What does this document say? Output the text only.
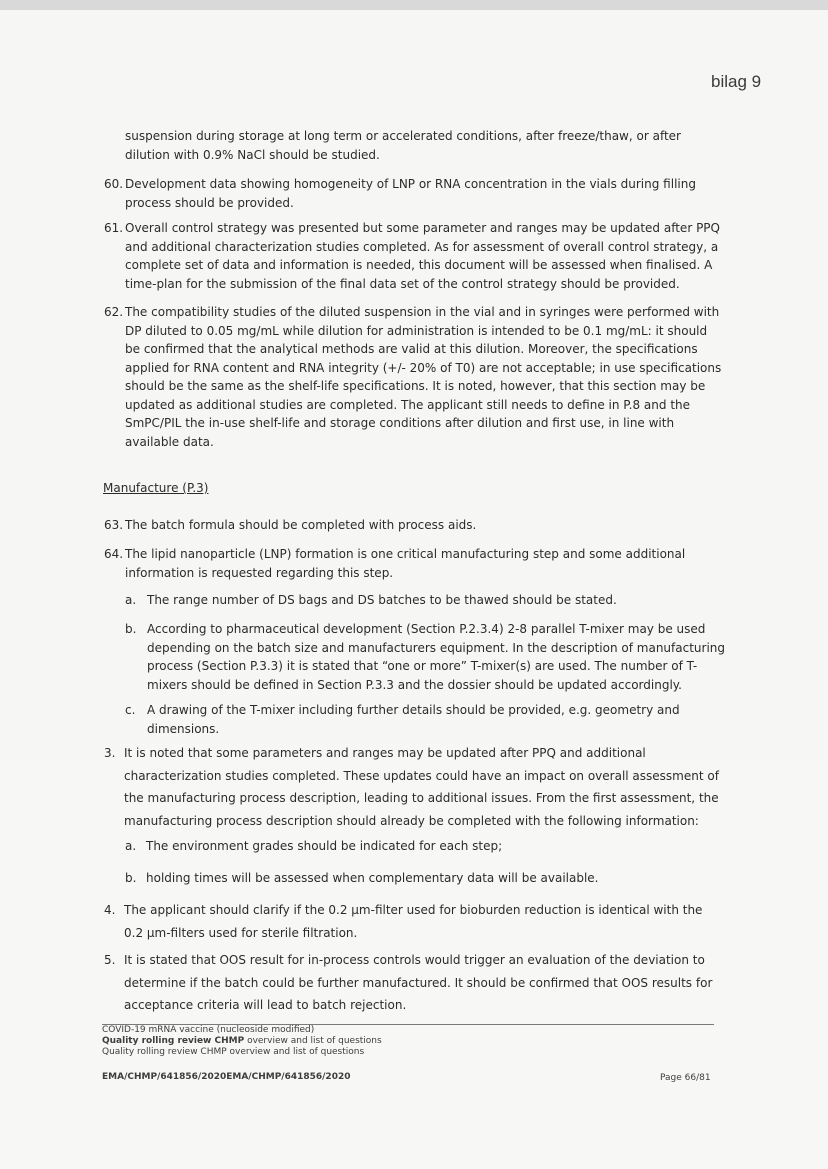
bilag 9
suspension during storage at long term or accelerated conditions, after freeze/thaw, or after
dilution with 0.9% NaCl should be studied.
60. Development data showing homogeneity of LNP or RNA concentration in the vials during filling
process should be provided.
61. Overall control strategy was presented but some parameter and ranges may be updated after PPQ
and additional characterization studies completed. As for assessment of overall control strategy, a
complete set of data and information is needed, this document will be assessed when finalised. A
time-plan for the submission of the final data set of the control strategy should be provided.
62. The compatibility studies of the diluted suspension in the vial and in syringes were performed with
DP diluted to 0.05 mg/mL while dilution for administration is intended to be 0.1 mg/mL: it should
be confirmed that the analytical methods are valid at this dilution. Moreover, the specifications
applied for RNA content and RNA integrity (+/- 20% of T0) are not acceptable; in use specifications
should be the same as the shelf-life specifications. It is noted, however, that this section may be
updated as additional studies are completed. The applicant still needs to define in P.8 and the
SmPC/PIL the in-use shelf-life and storage conditions after dilution and first use, in line with
available data.
Manufacture (P.3)
63. The batch formula should be completed with process aids.
64. The lipid nanoparticle (LNP) formation is one critical manufacturing step and some additional
information is requested regarding this step.
a. The range number of DS bags and DS batches to be thawed should be stated.
b. According to pharmaceutical development (Section P.2.3.4) 2-8 parallel T-mixer may be used
depending on the batch size and manufacturers equipment. In the description of manufacturing
process (Section P.3.3) it is stated that “one or more” T-mixer(s) are used. The number of T-
mixers should be defined in Section P.3.3 and the dossier should be updated accordingly.
c. A drawing of the T-mixer including further details should be provided, e.g. geometry and
dimensions.
3. It is noted that some parameters and ranges may be updated after PPQ and additional
characterization studies completed. These updates could have an impact on overall assessment of
the manufacturing process description, leading to additional issues. From the first assessment, the
manufacturing process description should already be completed with the following information:
a. The environment grades should be indicated for each step;
b. holding times will be assessed when complementary data will be available.
4. The applicant should clarify if the 0.2 µm-filter used for bioburden reduction is identical with the
0.2 µm-filters used for sterile filtration.
5. It is stated that OOS result for in-process controls would trigger an evaluation of the deviation to
determine if the batch could be further manufactured. It should be confirmed that OOS results for
acceptance criteria will lead to batch rejection.
COVID-19 mRNA vaccine (nucleoside modified)
Quality rolling review CHMP overview and list of questions
Quality rolling review CHMP overview and list of questions
EMA/CHMP/641856/2020EMA/CHMP/641856/2020	Page 66/81
